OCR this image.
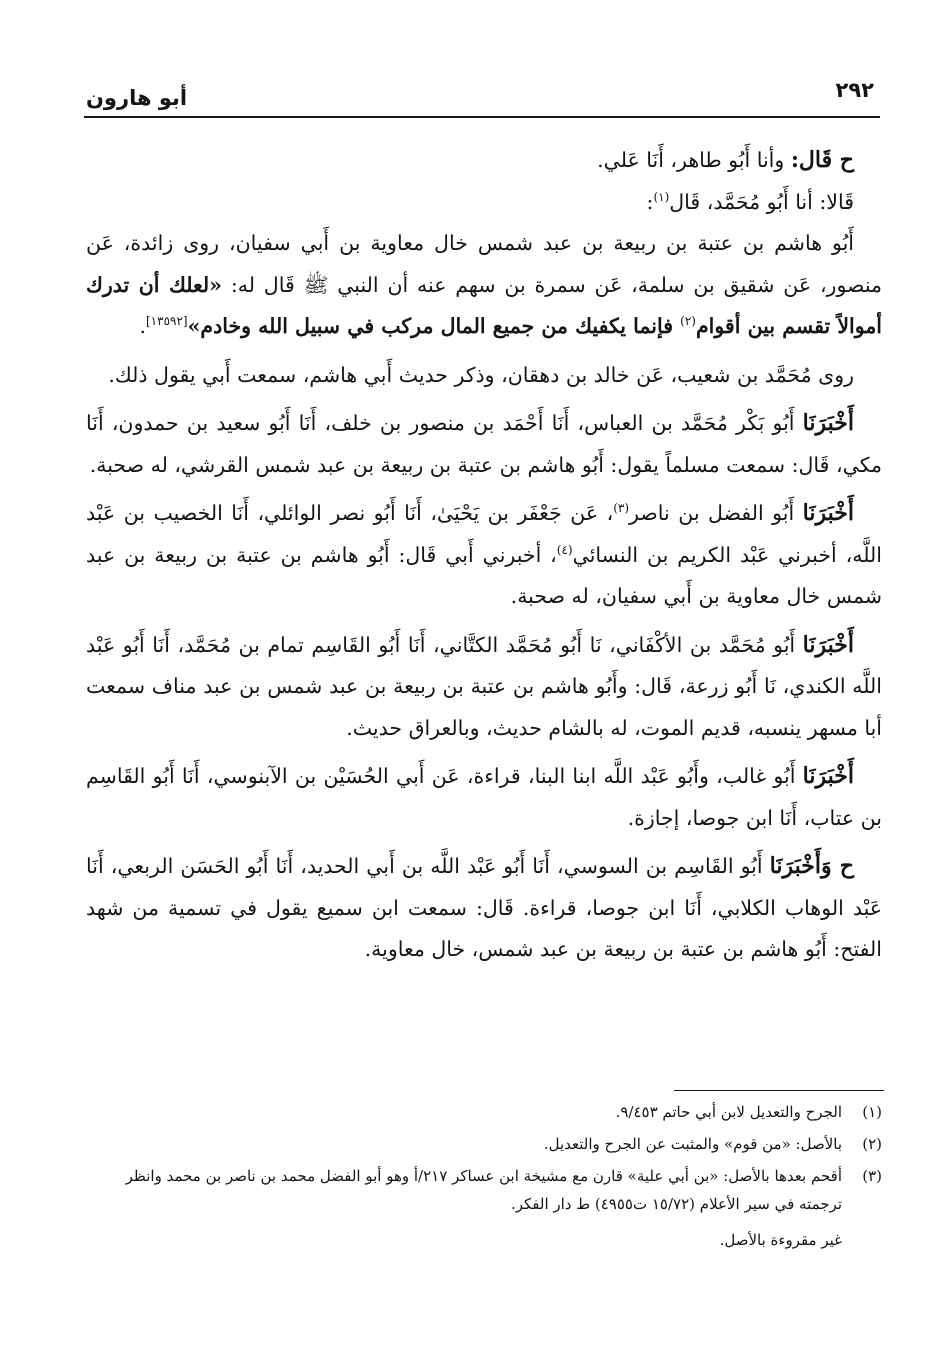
٢٩٢
أبو هارون

ح قَال: وأنا أَبُو طاهر، أَنَا عَلي.

قَالا: أنا أَبُو مُحَمَّد، قَال$^{(١)}$:

أَبُو هاشم بن عتبة بن ربيعة بن عبد شمس خال معاوية بن أَبي سفيان، روى زائدة، عَن منصور، عَن شقيق بن سلمة، عَن سمرة بن سهم عنه أن النبي ﷺ قَال له: «لعلك أن تدرك أموالاً تقسم بين أقوام$^{(٢)}$ فإنما يكفيك من جميع المال مركب في سبيل الله وخادم»[١٣٥٩٢].

روى مُحَمَّد بن شعيب، عَن خالد بن دهقان، وذكر حديث أَبي هاشم، سمعت أَبي يقول ذلك.

أَخْبَرَنَا أَبُو بَكْر مُحَمَّد بن العباس، أَنَا أَحْمَد بن منصور بن خلف، أَنَا أَبُو سعيد بن حمدون، أَنَا مكي، قَال: سمعت مسلماً يقول: أَبُو هاشم بن عتبة بن ربيعة بن عبد شمس القرشي، له صحبة.

أَخْبَرَنَا أَبُو الفضل بن ناصر$^{(٣)}$، عَن جَعْفَر بن يَحْيَىٰ، أَنَا أَبُو نصر الوائلي، أَنَا الخصيب بن عَبْد اللَّه، أخبرني عَبْد الكريم بن النسائي$^{(٤)}$، أخبرني أَبي قَال: أَبُو هاشم بن عتبة بن ربيعة بن عبد شمس خال معاوية بن أَبي سفيان، له صحبة.

أَخْبَرَنَا أَبُو مُحَمَّد بن الأكْفَاني، نَا أَبُو مُحَمَّد الكتَّاني، أَنَا أَبُو القَاسِم تمام بن مُحَمَّد، أَنَا أَبُو عَبْد اللَّه الكندي، نَا أَبُو زرعة، قَال: وأَبُو هاشم بن عتبة بن ربيعة بن عبد شمس بن عبد مناف سمعت أبا مسهر ينسبه، قديم الموت، له بالشام حديث، وبالعراق حديث.

أَخْبَرَنَا أَبُو غالب، وأَبُو عَبْد اللَّه ابنا البنا، قراءة، عَن أَبي الحُسَيْن بن الآبنوسي، أَنَا أَبُو القَاسِم بن عتاب، أَنَا ابن جوصا، إجازة.

ح وَأَخْبَرَنَا أَبُو القَاسِم بن السوسي، أَنَا أَبُو عَبْد اللَّه بن أَبي الحديد، أَنَا أَبُو الحَسَن الربعي، أَنَا عَبْد الوهاب الكلابي، أَنَا ابن جوصا، قراءة. قَال: سمعت ابن سميع يقول في تسمية من شهد الفتح: أَبُو هاشم بن عتبة بن ربيعة بن عبد شمس، خال معاوية.

(١)
الجرح والتعديل لابن أبي حاتم ٩/٤٥٣.
(٢)
بالأصل: «من قوم» والمثبت عن الجرح والتعديل.
(٣)
أقحم بعدها بالأصل: «بن أبي علية» قارن مع مشيخة ابن عساكر ٢١٧/أ وهو أبو الفضل محمد بن ناصر بن محمد وانظر ترجمته في سير الأعلام (١٥/٧٢ ت٤٩٥٥) ط دار الفكر.
غير مقروءة بالأصل.
